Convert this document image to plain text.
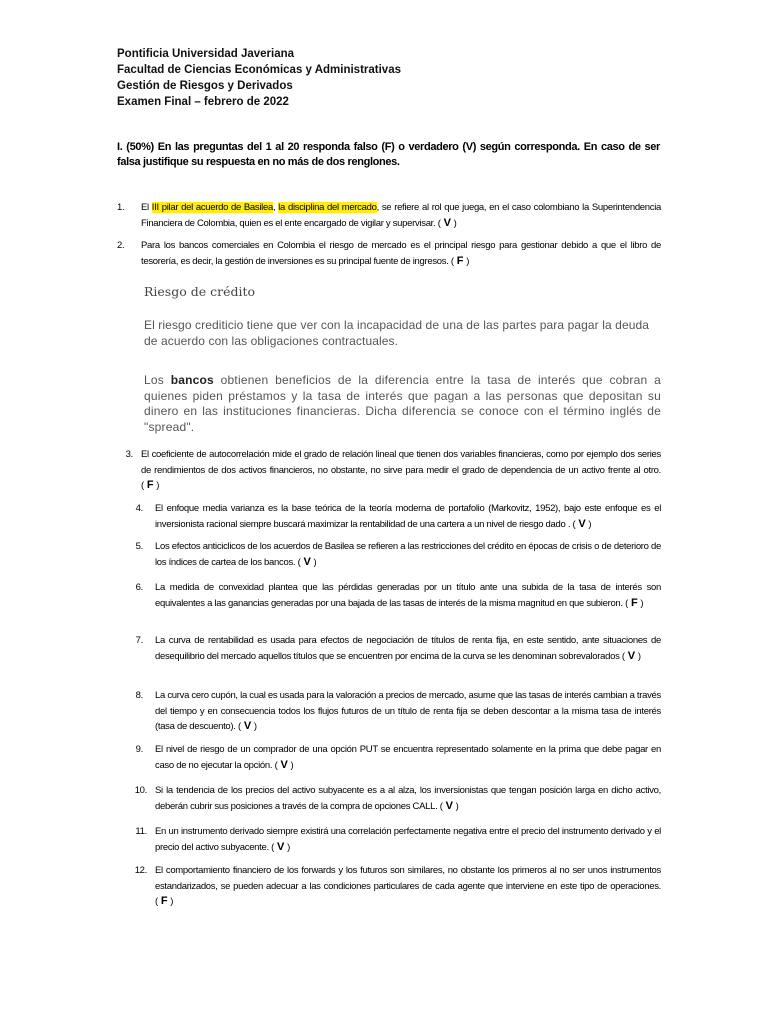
Pontificia Universidad Javeriana
Facultad de Ciencias Económicas y Administrativas
Gestión de Riesgos y Derivados
Examen Final – febrero de 2022
I. (50%) En las preguntas del 1 al 20 responda falso (F) o verdadero (V) según corresponda. En caso de ser falsa justifique su respuesta en no más de dos renglones.
1.	El III pilar del acuerdo de Basilea, la disciplina del mercado, se refiere al rol que juega, en el caso colombiano la Superintendencia Financiera de Colombia, quien es el ente encargado de vigilar y supervisar. ( V )
2.	Para los bancos comerciales en Colombia el riesgo de mercado es el principal riesgo para gestionar debido a que el libro de tesorería, es decir, la gestión de inversiones es su principal fuente de ingresos. ( F )
Riesgo de crédito
El riesgo crediticio tiene que ver con la incapacidad de una de las partes para pagar la deuda de acuerdo con las obligaciones contractuales.
Los bancos obtienen beneficios de la diferencia entre la tasa de interés que cobran a quienes piden préstamos y la tasa de interés que pagan a las personas que depositan su dinero en las instituciones financieras. Dicha diferencia se conoce con el término inglés de "spread".
3. El coeficiente de autocorrelación mide el grado de relación lineal que tienen dos variables financieras, como por ejemplo dos series de rendimientos de dos activos financieros, no obstante, no sirve para medir el grado de dependencia de un activo frente al otro. ( F )
4. El enfoque media varianza es la base teórica de la teoría moderna de portafolio (Markovitz, 1952), bajo este enfoque es el inversionista racional siempre buscará maximizar la rentabilidad de una cartera a un nivel de riesgo dado . ( V )
5. Los efectos anticiclicos de los acuerdos de Basilea se refieren a las restricciones del crédito en épocas de crisis o de deterioro de los índices de cartea de los bancos. ( V )
6. La medida de convexidad plantea que las pérdidas generadas por un título ante una subida de la tasa de interés son equivalentes a las ganancias generadas por una bajada de las tasas de interés de la misma magnitud en que subieron. ( F )
7. La curva de rentabilidad es usada para efectos de negociación de títulos de renta fija, en este sentido, ante situaciones de desequilibrio del mercado aquellos títulos que se encuentren por encima de la curva se les denominan sobrevalorados ( V )
8. La curva cero cupón, la cual es usada para la valoración a precios de mercado, asume que las tasas de interés cambian a través del tiempo y en consecuencia todos los flujos futuros de un título de renta fija se deben descontar a la misma tasa de interés (tasa de descuento). ( V )
9. El nivel de riesgo de un comprador de una opción PUT se encuentra representado solamente en la prima que debe pagar en caso de no ejecutar la opción. ( V )
10. Si la tendencia de los precios del activo subyacente es a al alza, los inversionistas que tengan posición larga en dicho activo, deberán cubrir sus posiciones a través de la compra de opciones CALL. ( V )
11. En un instrumento derivado siempre existirá una correlación perfectamente negativa entre el precio del instrumento derivado y el precio del activo subyacente. ( V )
12. El comportamiento financiero de los forwards y los futuros son similares, no obstante los primeros al no ser unos instrumentos estandarizados, se pueden adecuar a las condiciones particulares de cada agente que interviene en este tipo de operaciones. ( F )
